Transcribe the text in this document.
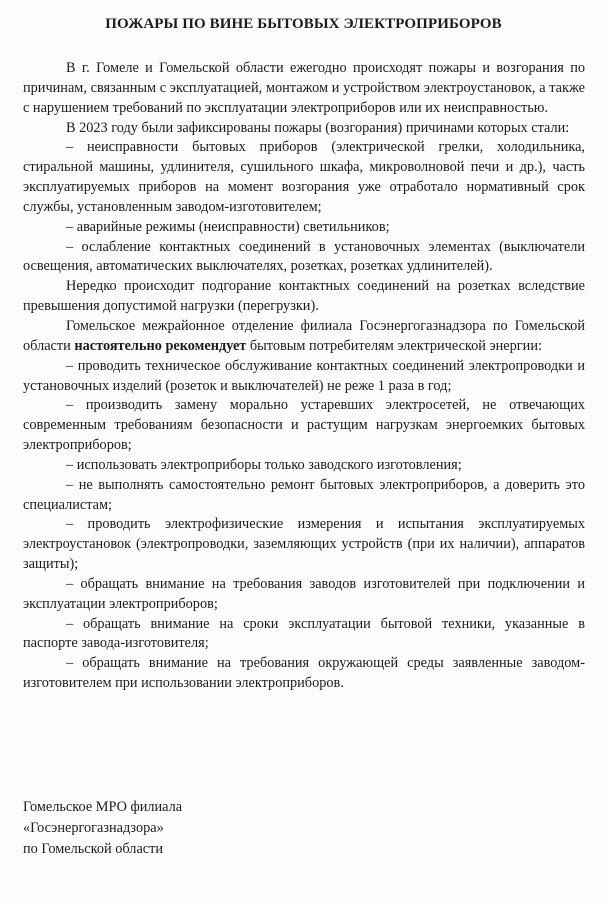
ПОЖАРЫ ПО ВИНЕ БЫТОВЫХ ЭЛЕКТРОПРИБОРОВ

В г. Гомеле и Гомельской области ежегодно происходят пожары и возгорания по причинам, связанным с эксплуатацией, монтажом и устройством электроустановок, а также с нарушением требований по эксплуатации электроприборов или их неисправностью.

В 2023 году были зафиксированы пожары (возгорания) причинами которых стали:

– неисправности бытовых приборов (электрической грелки, холодильника, стиральной машины, удлинителя, сушильного шкафа, микроволновой печи и др.), часть эксплуатируемых приборов на момент возгорания уже отработало нормативный срок службы, установленным заводом-изготовителем;

– аварийные режимы (неисправности) светильников;

– ослабление контактных соединений в установочных элементах (выключатели освещения, автоматических выключателях, розетках, розетках удлинителей).

Нередко происходит подгорание контактных соединений на розетках вследствие превышения допустимой нагрузки (перегрузки).

Гомельское межрайонное отделение филиала Госэнергогазнадзора по Гомельской области настоятельно рекомендует бытовым потребителям электрической энергии:

– проводить техническое обслуживание контактных соединений электропроводки и установочных изделий (розеток и выключателей) не реже 1 раза в год;

– производить замену морально устаревших электросетей, не отвечающих современным требованиям безопасности и растущим нагрузкам энергоемких бытовых электроприборов;

– использовать электроприборы только заводского изготовления;

– не выполнять самостоятельно ремонт бытовых электроприборов, а доверить это специалистам;

– проводить электрофизические измерения и испытания эксплуатируемых электроустановок (электропроводки, заземляющих устройств (при их наличии), аппаратов защиты);

– обращать внимание на требования заводов изготовителей при подключении и эксплуатации электроприборов;

– обращать внимание на сроки эксплуатации бытовой техники, указанные в паспорте завода-изготовителя;

– обращать внимание на требования окружающей среды заявленные заводом-изготовителем при использовании электроприборов.

Гомельское МРО филиала
«Госэнергогазнадзора»
по Гомельской области
